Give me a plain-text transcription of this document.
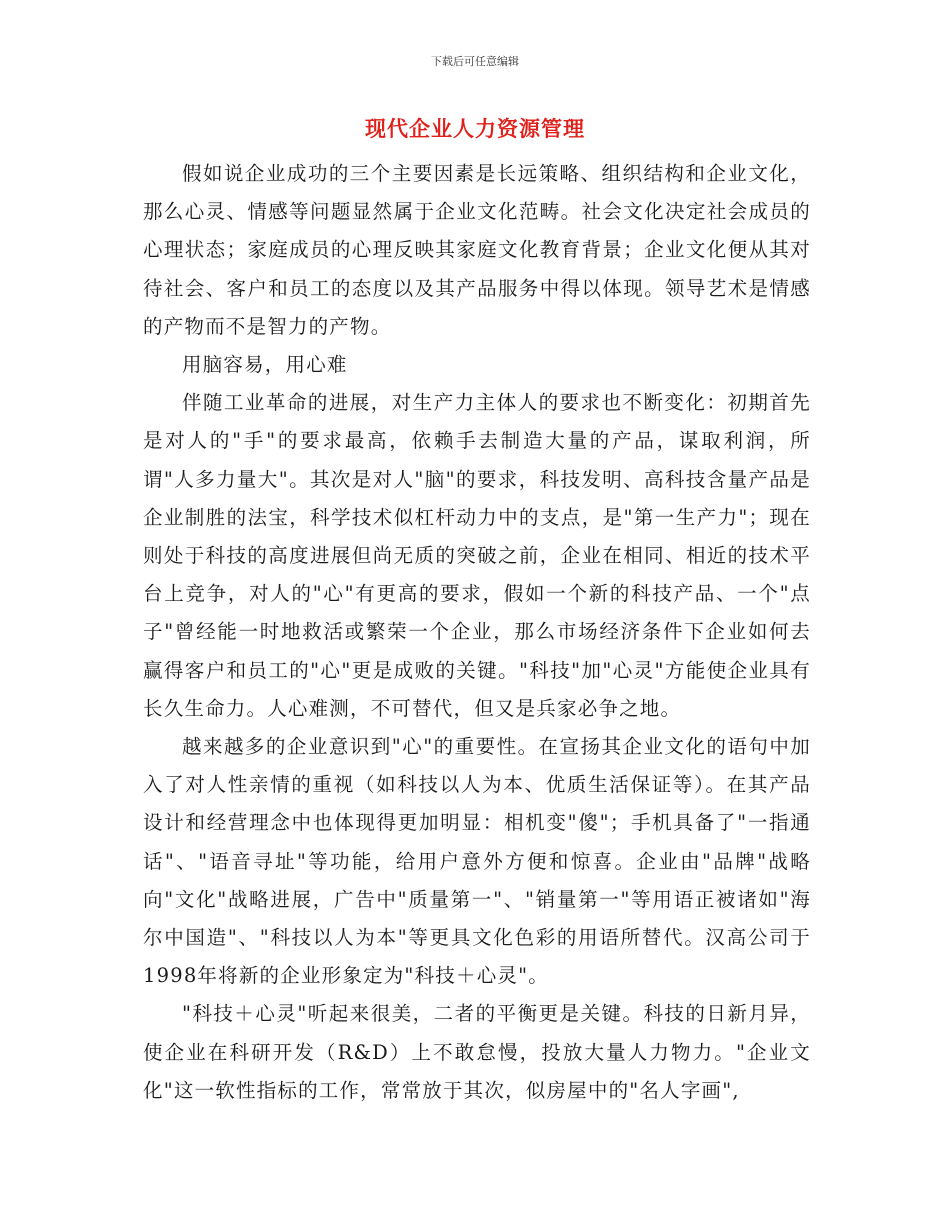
下载后可任意编辑
现代企业人力资源管理

假如说企业成功的三个主要因素是长远策略、组织结构和企业文化，那么心灵、情感等问题显然属于企业文化范畴。社会文化决定社会成员的心理状态；家庭成员的心理反映其家庭文化教育背景；企业文化便从其对待社会、客户和员工的态度以及其产品服务中得以体现。领导艺术是情感的产物而不是智力的产物。

用脑容易，用心难

伴随工业革命的进展，对生产力主体人的要求也不断变化：初期首先是对人的"手"的要求最高，依赖手去制造大量的产品，谋取利润，所谓"人多力量大"。其次是对人"脑"的要求，科技发明、高科技含量产品是企业制胜的法宝，科学技术似杠杆动力中的支点，是"第一生产力"；现在则处于科技的高度进展但尚无质的突破之前，企业在相同、相近的技术平台上竞争，对人的"心"有更高的要求，假如一个新的科技产品、一个"点子"曾经能一时地救活或繁荣一个企业，那么市场经济条件下企业如何去赢得客户和员工的"心"更是成败的关键。"科技"加"心灵"方能使企业具有长久生命力。人心难测，不可替代，但又是兵家必争之地。

越来越多的企业意识到"心"的重要性。在宣扬其企业文化的语句中加入了对人性亲情的重视（如科技以人为本、优质生活保证等）。在其产品设计和经营理念中也体现得更加明显：相机变"傻"；手机具备了"一指通话"、"语音寻址"等功能，给用户意外方便和惊喜。企业由"品牌"战略向"文化"战略进展，广告中"质量第一"、"销量第一"等用语正被诸如"海尔中国造"、"科技以人为本"等更具文化色彩的用语所替代。汉高公司于1998年将新的企业形象定为"科技＋心灵"。

"科技＋心灵"听起来很美，二者的平衡更是关键。科技的日新月异，使企业在科研开发（R&D）上不敢怠慢，投放大量人力物力。"企业文化"这一软性指标的工作，常常放于其次，似房屋中的"名人字画",
